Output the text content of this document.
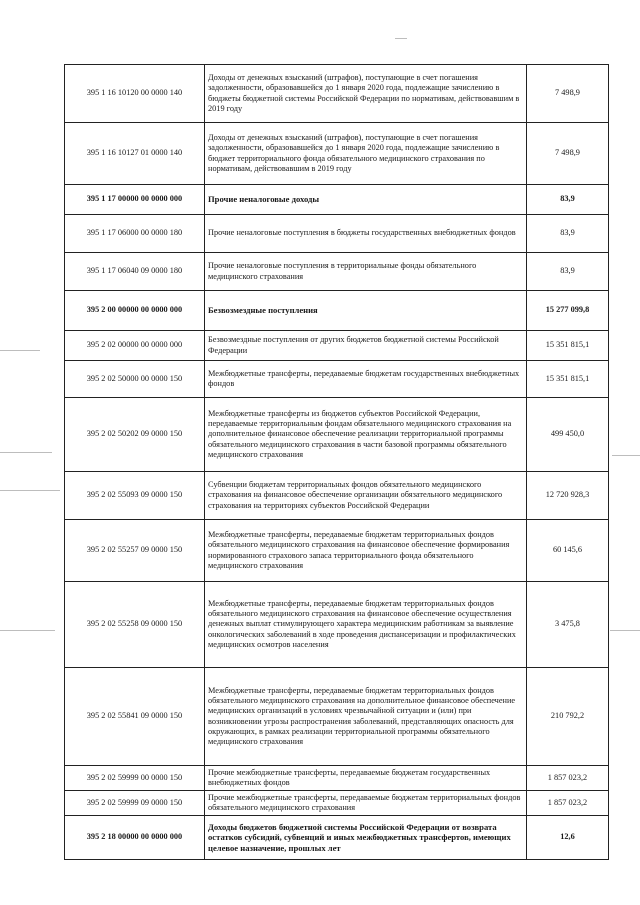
395 1 16 10120 00 0000 140	Доходы от денежных взысканий (штрафов), поступающие в счет погашения задолженности, образовавшейся до 1 января 2020 года, подлежащие зачислению в бюджеты бюджетной системы Российской Федерации по нормативам, действовавшим в 2019 году	7 498,9
395 1 16 10127 01 0000 140	Доходы от денежных взысканий (штрафов), поступающие в счет погашения задолженности, образовавшейся до 1 января 2020 года, подлежащие зачислению в бюджет территориального фонда обязательного медицинского страхования по нормативам, действовавшим в 2019 году	7 498,9
395 1 17 00000 00 0000 000	Прочие неналоговые доходы	83,9
395 1 17 06000 00 0000 180	Прочие неналоговые поступления в бюджеты государственных внебюджетных фондов	83,9
395 1 17 06040 09 0000 180	Прочие неналоговые поступления в территориальные фонды обязательного медицинского страхования	83,9
395 2 00 00000 00 0000 000	Безвозмездные поступления	15 277 099,8
395 2 02 00000 00 0000 000	Безвозмездные поступления от других бюджетов бюджетной системы Российской Федерации	15 351 815,1
395 2 02 50000 00 0000 150	Межбюджетные трансферты, передаваемые бюджетам государственных внебюджетных фондов	15 351 815,1
395 2 02 50202 09 0000 150	Межбюджетные трансферты из бюджетов субъектов Российской Федерации, передаваемые территориальным фондам обязательного медицинского страхования на дополнительное финансовое обеспечение реализации территориальной программы обязательного медицинского страхования в части базовой программы обязательного медицинского страхования	499 450,0
395 2 02 55093 09 0000 150	Субвенции бюджетам территориальных фондов обязательного медицинского страхования на финансовое обеспечение организации обязательного медицинского страхования на территориях субъектов Российской Федерации	12 720 928,3
395 2 02 55257 09 0000 150	Межбюджетные трансферты, передаваемые бюджетам территориальных фондов обязательного медицинского страхования на финансовое обеспечение формирования нормированного страхового запаса территориального фонда обязательного медицинского страхования	60 145,6
395 2 02 55258 09 0000 150	Межбюджетные трансферты, передаваемые бюджетам территориальных фондов обязательного медицинского страхования на финансовое обеспечение осуществления денежных выплат стимулирующего характера медицинским работникам за выявление онкологических заболеваний в ходе проведения диспансеризации и профилактических медицинских осмотров населения	3 475,8
395 2 02 55841 09 0000 150	Межбюджетные трансферты, передаваемые бюджетам территориальных фондов обязательного медицинского страхования на дополнительное финансовое обеспечение медицинских организаций в условиях чрезвычайной ситуации и (или) при возникновении угрозы распространения заболеваний, представляющих опасность для окружающих, в рамках реализации территориальной программы обязательного медицинского страхования	210 792,2
395 2 02 59999 00 0000 150	Прочие межбюджетные трансферты, передаваемые бюджетам государственных внебюджетных фондов	1 857 023,2
395 2 02 59999 09 0000 150	Прочие межбюджетные трансферты, передаваемые бюджетам территориальных фондов обязательного медицинского страхования	1 857 023,2
395 2 18 00000 00 0000 000	Доходы бюджетов бюджетной системы Российской Федерации от возврата остатков субсидий, субвенций и иных межбюджетных трансфертов, имеющих целевое назначение, прошлых лет	12,6
